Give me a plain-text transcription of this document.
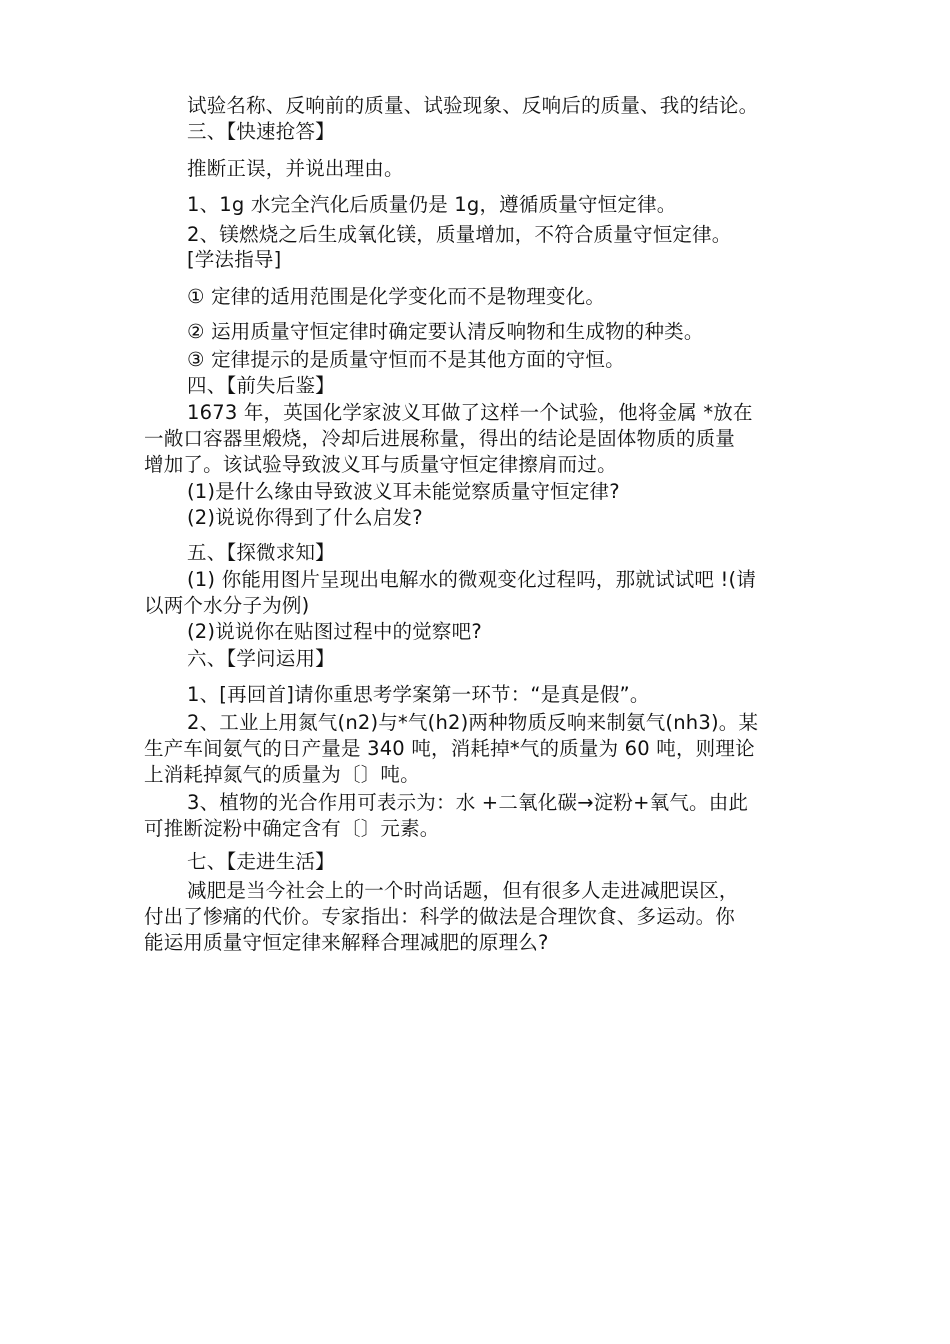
试验名称、反响前的质量、试验现象、反响后的质量、我的结论。
三、【快速抢答】
推断正误，并说出理由。
1、1g 水完全汽化后质量仍是 1g，遵循质量守恒定律。
2、镁燃烧之后生成氧化镁，质量增加，不符合质量守恒定律。
[学法指导]
① 定律的适用范围是化学变化而不是物理变化。
② 运用质量守恒定律时确定要认清反响物和生成物的种类。
③ 定律提示的是质量守恒而不是其他方面的守恒。
四、【前失后鉴】
1673 年，英国化学家波义耳做了这样一个试验，他将金属 *放在
一敞口容器里煅烧，冷却后进展称量，得出的结论是固体物质的质量
增加了。该试验导致波义耳与质量守恒定律擦肩而过。
(1)是什么缘由导致波义耳未能觉察质量守恒定律?
(2)说说你得到了什么启发?
五、【探微求知】
(1) 你能用图片呈现出电解水的微观变化过程吗，那就试试吧 !(请
以两个水分子为例)
(2)说说你在贴图过程中的觉察吧?
六、【学问运用】
1、[再回首]请你重思考学案第一环节：“是真是假”。
2、工业上用氮气(n2)与*气(h2)两种物质反响来制氨气(nh3)。某
生产车间氨气的日产量是 340 吨，消耗掉*气的质量为 60 吨，则理论
上消耗掉氮气的质量为〔〕吨。
3、植物的光合作用可表示为：水 +二氧化碳→淀粉+氧气。由此
可推断淀粉中确定含有〔〕元素。
七、【走进生活】
减肥是当今社会上的一个时尚话题，但有很多人走进减肥误区，
付出了惨痛的代价。专家指出：科学的做法是合理饮食、多运动。你
能运用质量守恒定律来解释合理减肥的原理么?
